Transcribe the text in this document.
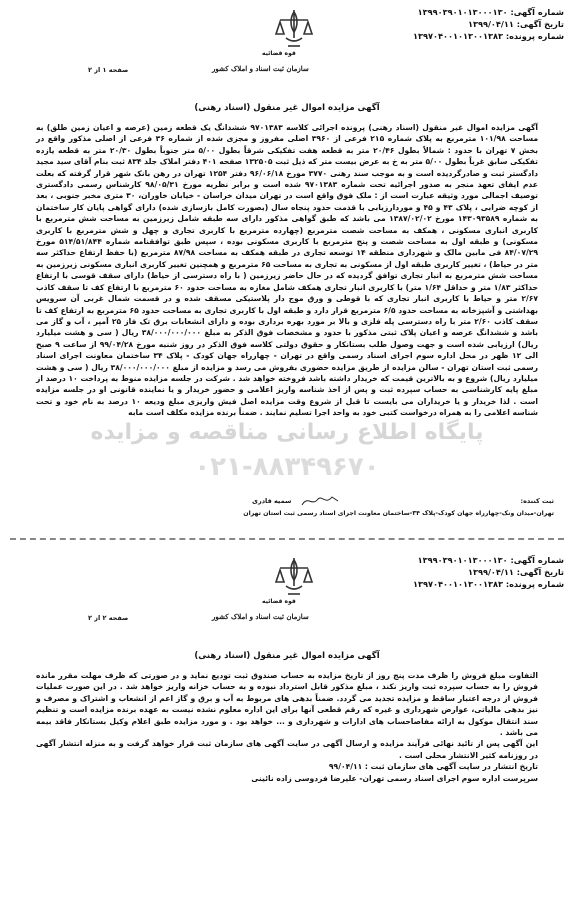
شماره آگهی: ۱۳۹۹۰۳۹۰۱۰۱۳۰۰۰۱۳۰
تاریخ آگهی: ۱۳۹۹/۰۴/۱۱
شماره پرونده: ۱۳۹۷۰۴۰۰۱۰۱۳۰۰۱۳۸۳
قوه قضائیه
سازمان ثبت اسناد و املاک کشور
صفحه ۱ از ۲
آگهی مزایده اموال غیر منقول (اسناد رهنی)
پایگاه اطلاع رسانی مناقصه و مزایده
۰۲۱-۸۸۳۴۹۶۷۰

آگهی مزایده اموال غیر منقول (اسناد رهنی) پرونده اجرائی کلاسه ۹۷۰۱۳۸۳ ششدانگ یک قطعه زمین (عرصه و اعیان زمین طلق) به مساحت ۱۰۱/۹۸ مترمربع به پلاک شماره ۲۱۵ فرعی از ۳۹۶۰ اصلی مفروز و مجزی شده از شماره ۳۶ فرعی از اصلی مذکور واقع در بخش ۷ تهران با حدود : شمالاً بطول ۲۰/۴۶ متر به قطعه هفت تفکیکی شرقاً بطول ۵/۰۰ متر جنوباً بطول ۲۰/۳۰ متر به قطعه یازده تفکیکی سابق غرباً بطول ۵/۰۰ متر به خ به عرض بیست متر که ذیل ثبت ۱۳۲۵۰۵ صفحه ۴۰۱ دفتر املاک جلد ۸۳۴ ثبت بنام آقای سید مجید دادگستر ثبت و صادرگردیده است و به موجب سند رهنی ۳۷۷۰ مورخ ۹۶/۰۶/۱۸ دفتر ۱۲۵۴ تهران در رهن بانک شهر قرار گرفته که بعلت عدم ایفای تعهد منجر به صدور اجرائیه تحت شماره ۹۷۰۱۳۸۳ شده است و برابر نظریه مورخ ۹۸/۰۵/۳۱ کارشناس رسمی دادگستری توصیف اجمالی مورد وثیقه عبارت است از : ملک فوق واقع است در تهران میدان خراسان - خیابان خاوران، ۳۰ متری مخبر جنوبی ، بعد از کوچه ضرابی ، پلاک ۴۳ و ۴۵ و موردارزیابی با قدمت حدود پنجاه سال (بصورت کامل بازسازی شده) دارای گواهی پایان کار ساختمان به شماره ۱۴۳۰۹۳۵۸۹ مورخ ۱۳۸۷/۰۲/۰۲ می باشد که طبق گواهی مذکور دارای سه طبقه شامل زیرزمین به مساحت شش مترمربع با کاربری انباری مسکونی ، همکف به مساحت شصت مترمربع (چهارده مترمربع با کاربری تجاری و چهل و شش مترمربع با کاربری مسکونی) و طبقه اول به مساحت شصت و پنج مترمربع با کاربری مسکونی بوده ، سپس طبق توافقنامه شماره ۵۱۴/۵۱/۸۴۴ مورخ ۸۴/۰۷/۲۹ فی مابین مالک و شهرداری منطقه ۱۴ توسعه تجاری در طبقه همکف به مساحت ۸۷/۹۸ مترمربع (با حفظ ارتفاع حداکثر سه متر در حیاط) ، تغییر کاربری طبقه اول از مسکونی به تجاری به مساحت ۶۵ مترمربع و همچنین تغییر کاربری انباری مسکونی زیرزمین به مساحت شش مترمربع به انبار تجاری توافق گردیده که در حال حاضر زیرزمین ( با راه دسترسی از حیاط) دارای سقف قوسی با ارتفاع حداکثر ۱/۸۳ متر و حداقل ۱/۶۴ متر) با کاربری انبار تجاری همکف شامل مغازه به مساحت حدود ۶۰ مترمربع با ارتفاع کف تا سقف کاذب ۲/۶۷ متر و حیاط با کاربری انبار تجاری که با قوطی و ورق موج دار پلاستیکی مسقف شده و در قسمت شمال غربی آن سرویس بهداشتی و آشپزخانه به مساحت حدود ۶/۵ مترمربع قرار دارد و طبقه اول با کاربری تجاری به مساحت حدود ۶۵ مترمربع به ارتفاع کف تا سقف کاذب ۲/۶۰ متر با راه دسترسی پله فلزی و بالا بر مورد بهره برداری بوده و دارای انشعابات برق تک فاز ۲۵ آمپر ، آب و گاز می باشد و ششدانگ عرصه و اعیان پلاک ثبتی مذکور با حدود و مشخصات فوق الذکر به مبلغ ۳۸/۰۰۰/۰۰۰/۰۰۰ ریال ( سی و هشت میلیارد ریال) ارزیابی شده است و جهت وصول طلب بستانکار و حقوق دولتی کلاسه فوق الذکر در روز شنبه مورخ ۹۹/۰۴/۲۸ از ساعت ۹ صبح الی ۱۲ ظهر در محل اداره سوم اجرای اسناد رسمی واقع در تهران - چهارراه جهان کودک - پلاک ۳۴ ساختمان معاونت اجرای اسناد رسمی ثبت استان تهران - سالن مزایده از طریق مزایده حضوری بفروش می رسد و مزایده از مبلغ ۳۸/۰۰۰/۰۰۰/۰۰۰ ریال ( سی و هشت میلیارد ریال) شروع و به بالاترین قیمت که خریدار داشته باشد فروخته خواهد شد . شرکت در جلسه مزایده منوط به پرداخت ۱۰ درصد از مبلغ پایه کارشناسی به حساب سپرده ثبت و پس از اخذ شناسه واریز اعلامی و حضور خریدار و یا نماینده قانونی او در جلسه مزایده است . لذا خریدار و یا خریداران می بایست تا قبل از شروع وقت مزایده اصل فیش واریزی مبلغ ودیعه ۱۰ درصد به نام خود و تحت شناسه اعلامی را به همراه درخواست کتبی خود به واحد اجرا تسلیم نمایند . ضمناً برنده مزایده مکلف است مابه

ثبت کننده:
سمیه قادری
تهران-میدان ونک-چهارراه جهان کودک-پلاک ۳۴-ساختمان معاونت اجرای اسناد رسمی ثبت استان تهران
شماره آگهی: ۱۳۹۹۰۳۹۰۱۰۱۳۰۰۰۱۳۰
تاریخ آگهی: ۱۳۹۹/۰۴/۱۱
شماره پرونده: ۱۳۹۷۰۴۰۰۱۰۱۳۰۰۱۳۸۳
قوه قضائیه
سازمان ثبت اسناد و املاک کشور
صفحه ۲ از ۲
آگهی مزایده اموال غیر منقول (اسناد رهنی)

التفاوت مبلغ فروش را ظرف مدت پنج روز از تاریخ مزایده به حساب صندوق ثبت تودیع نماید و در صورتی که ظرف مهلت مقرر مانده فروش را به حساب سپرده ثبت واریز نکند ، مبلغ مذکور قابل استرداد نبوده و به حساب خزانه واریز خواهد شد . در این صورت عملیات فروش از درجه اعتبار ساقط و مزایده تجدید می گردد. ضمناً بدهی های مربوط به آب و برق و گاز اعم از انشعاب و اشتراک و مصرف و نیز بدهی مالیاتی، عوارض شهرداری و غیره که رقم قطعی آنها برای این اداره معلوم نشده نیست به عهده برنده مزایده است و تنظیم سند انتقال موکول به ارائه مفاصاحساب های ادارات و شهرداری و ... خواهد بود . و مورد مزایده طبق اعلام وکیل بستانکار فاقد بیمه می باشد .

این آگهی پس از تائید نهائی فرآیند مزایده و ارسال آگهی در سایت آگهی های سازمان ثبت قرار خواهد گرفت و به منزله انتشار آگهی در روزنامه کثیر الانتشار محلی است .

تاریخ انتشار در سایت آگهی های سازمان ثبت : ۹۹/۰۴/۱۱

سرپرست اداره سوم اجرای اسناد رسمی تهران- علیرضا فردوسی زاده نائینی
